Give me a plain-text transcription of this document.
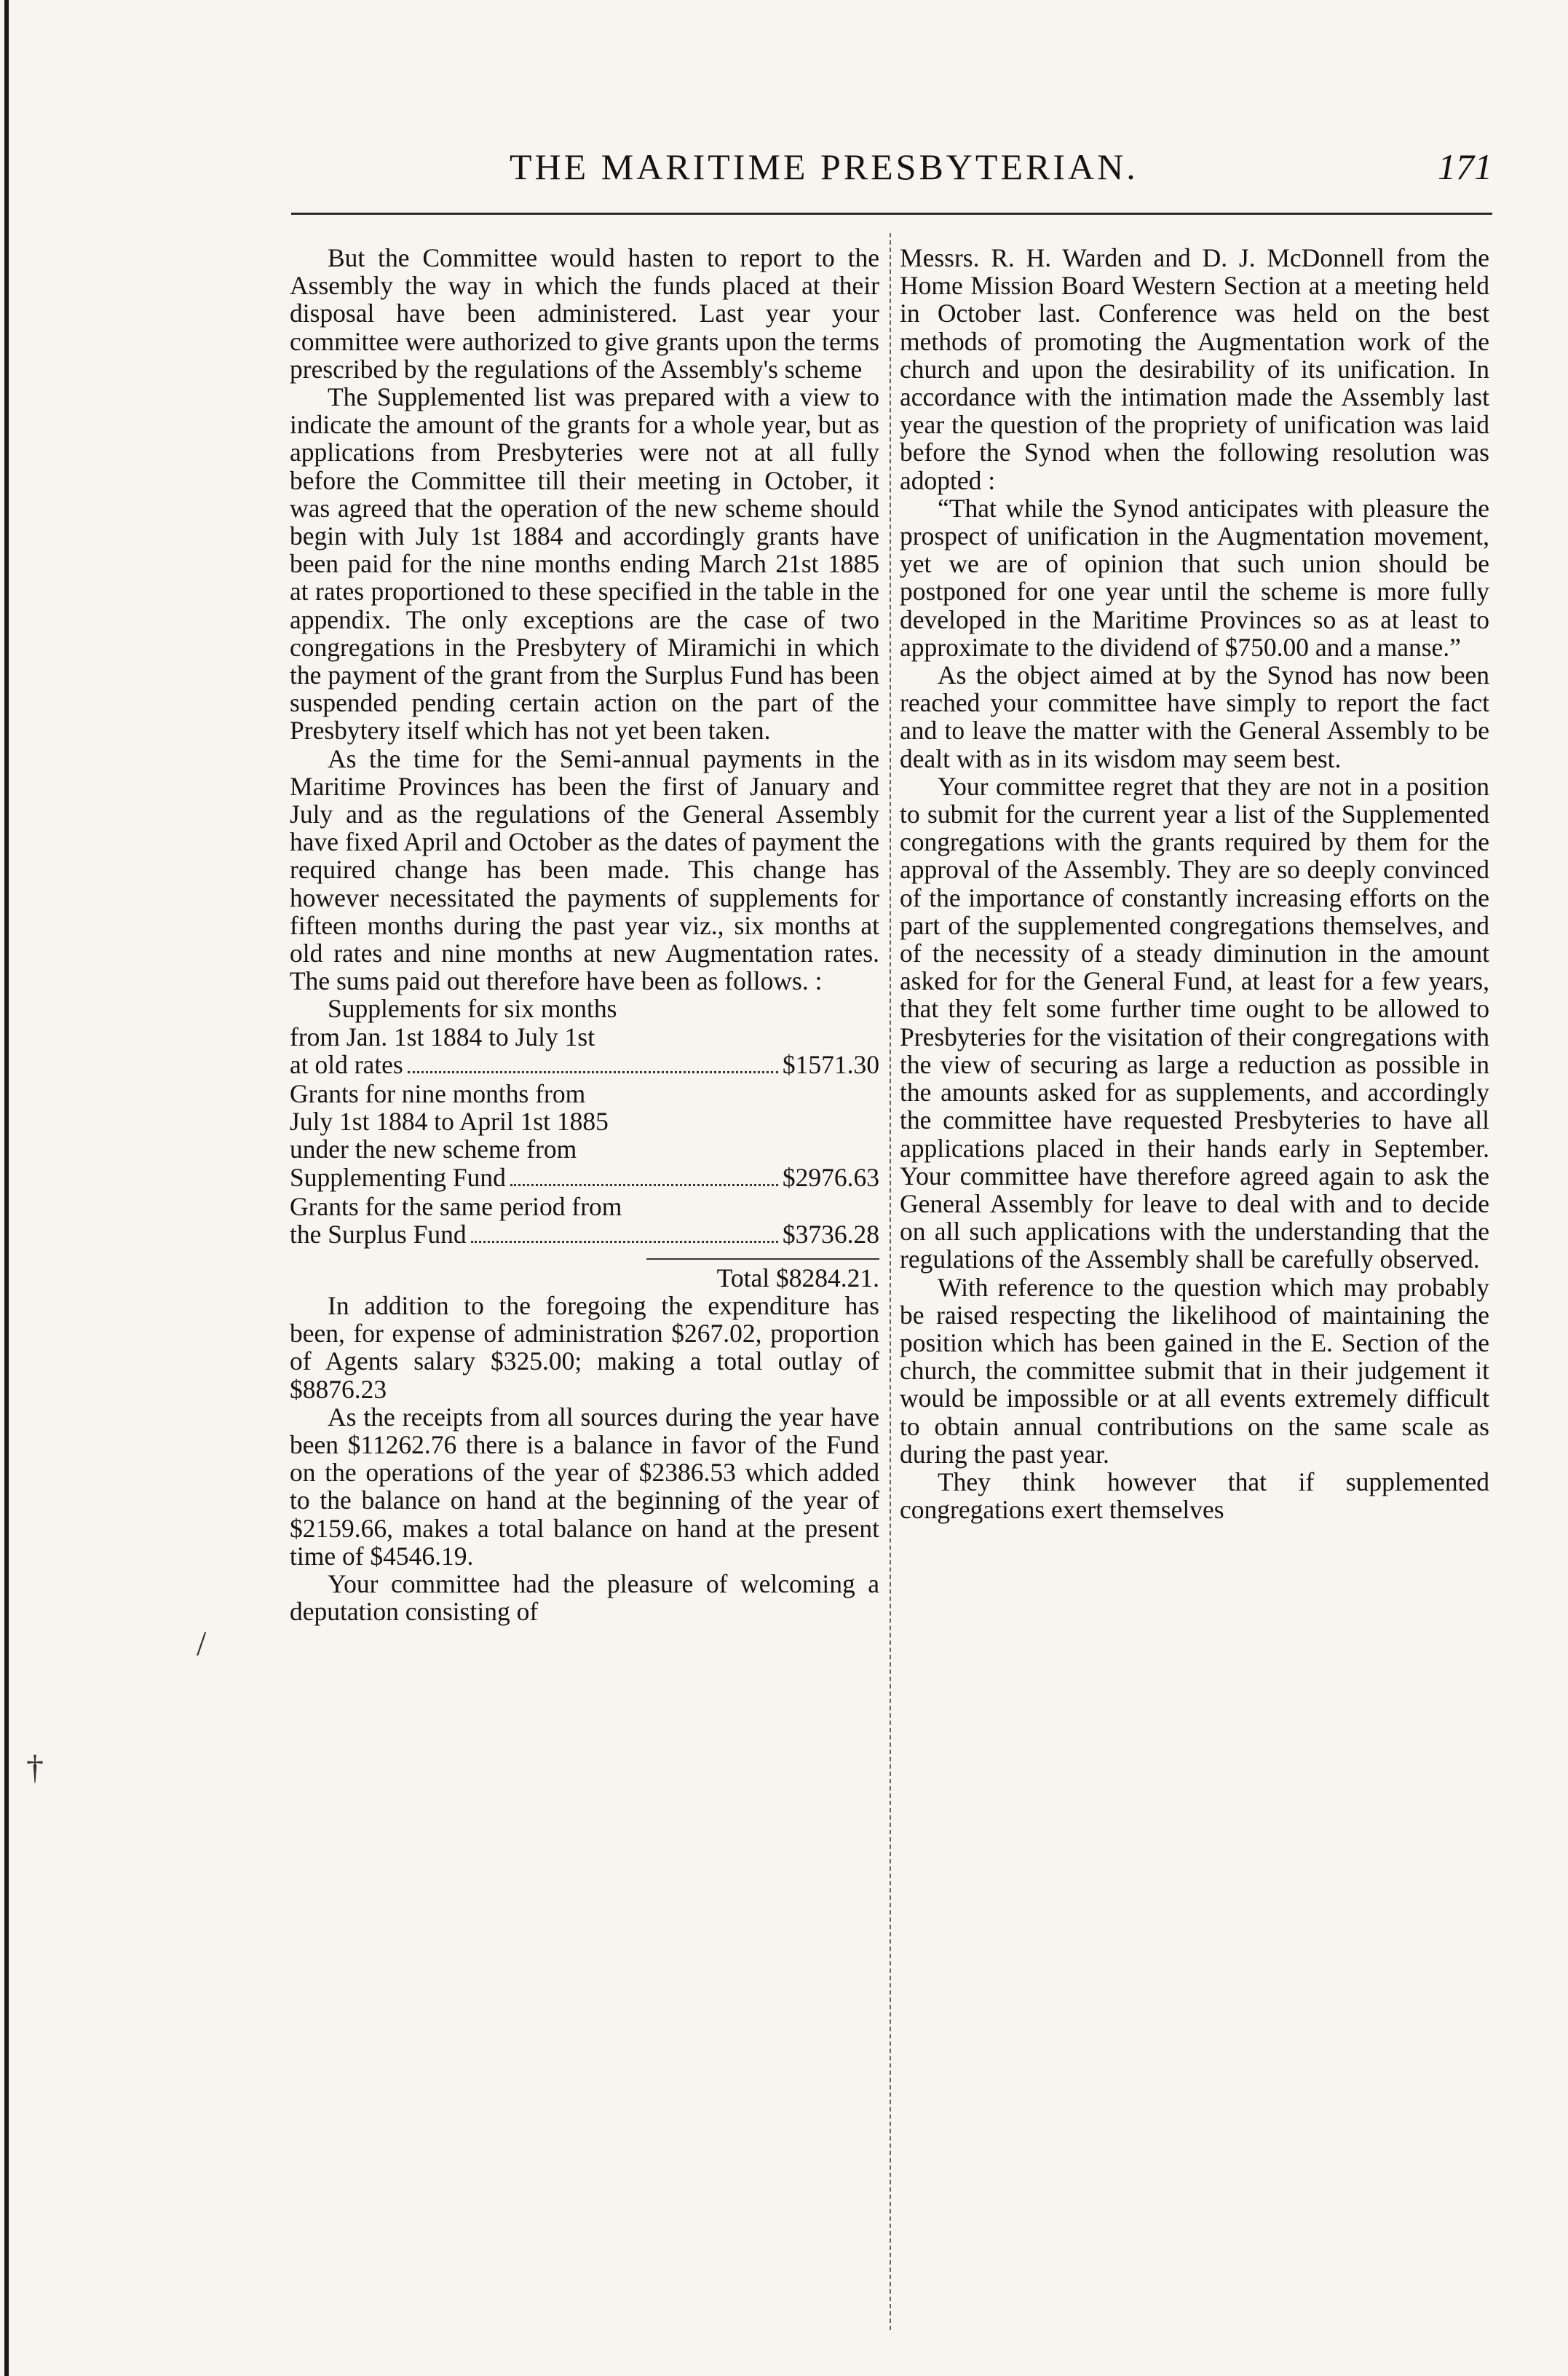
THE MARITIME PRESBYTERIAN.	171

But the Committee would hasten to report to the Assembly the way in which the funds placed at their disposal have been administered. Last year your committee were authorized to give grants upon the terms prescribed by the regulations of the Assembly's scheme

The Supplemented list was prepared with a view to indicate the amount of the grants for a whole year, but as applications from Presbyteries were not at all fully before the Committee till their meeting in October, it was agreed that the operation of the new scheme should begin with July 1st 1884 and accordingly grants have been paid for the nine months ending March 21st 1885 at rates proportioned to these specified in the table in the appendix. The only exceptions are the case of two congregations in the Presbytery of Miramichi in which the payment of the grant from the Surplus Fund has been suspended pending certain action on the part of the Presbytery itself which has not yet been taken.

As the time for the Semi-annual payments in the Maritime Provinces has been the first of January and July and as the regulations of the General Assembly have fixed April and October as the dates of payment the required change has been made. This change has however necessitated the payments of supplements for fifteen months during the past year viz., six months at old rates and nine months at new Augmentation rates. The sums paid out therefore have been as follows. :

Supplements for six months
from Jan. 1st 1884 to July 1st
at old rates	$1571.30
Grants for nine months from
July 1st 1884 to April 1st 1885
under the new scheme from
Supplementing Fund	$2976.63
Grants for the same period from
the Surplus Fund	$3736.28
Total $8284.21.

In addition to the foregoing the expenditure has been, for expense of administration $267.02, proportion of Agents salary $325.00; making a total outlay of $8876.23

As the receipts from all sources during the year have been $11262.76 there is a balance in favor of the Fund on the operations of the year of $2386.53 which added to the balance on hand at the beginning of the year of $2159.66, makes a total balance on hand at the present time of $4546.19.

Your committee had the pleasure of welcoming a deputation consisting of

Messrs. R. H. Warden and D. J. McDonnell from the Home Mission Board Western Section at a meeting held in October last. Conference was held on the best methods of promoting the Augmentation work of the church and upon the desirability of its unification. In accordance with the intimation made the Assembly last year the question of the propriety of unification was laid before the Synod when the following resolution was adopted :

“That while the Synod anticipates with pleasure the prospect of unification in the Augmentation movement, yet we are of opinion that such union should be postponed for one year until the scheme is more fully developed in the Maritime Provinces so as at least to approximate to the dividend of $750.00 and a manse.”

As the object aimed at by the Synod has now been reached your committee have simply to report the fact and to leave the matter with the General Assembly to be dealt with as in its wisdom may seem best.

Your committee regret that they are not in a position to submit for the current year a list of the Supplemented congregations with the grants required by them for the approval of the Assembly. They are so deeply convinced of the importance of constantly increasing efforts on the part of the supplemented congregations themselves, and of the necessity of a steady diminution in the amount asked for for the General Fund, at least for a few years, that they felt some further time ought to be allowed to Presbyteries for the visitation of their congregations with the view of securing as large a reduction as possible in the amounts asked for as supplements, and accordingly the committee have requested Presbyteries to have all applications placed in their hands early in September. Your committee have therefore agreed again to ask the General Assembly for leave to deal with and to decide on all such applications with the understanding that the regulations of the Assembly shall be carefully observed.

With reference to the question which may probably be raised respecting the likelihood of maintaining the position which has been gained in the E. Section of the church, the committee submit that in their judgement it would be impossible or at all events extremely difficult to obtain annual contributions on the same scale as during the past year.

They think however that if supplemented congregations exert themselves

/
†
